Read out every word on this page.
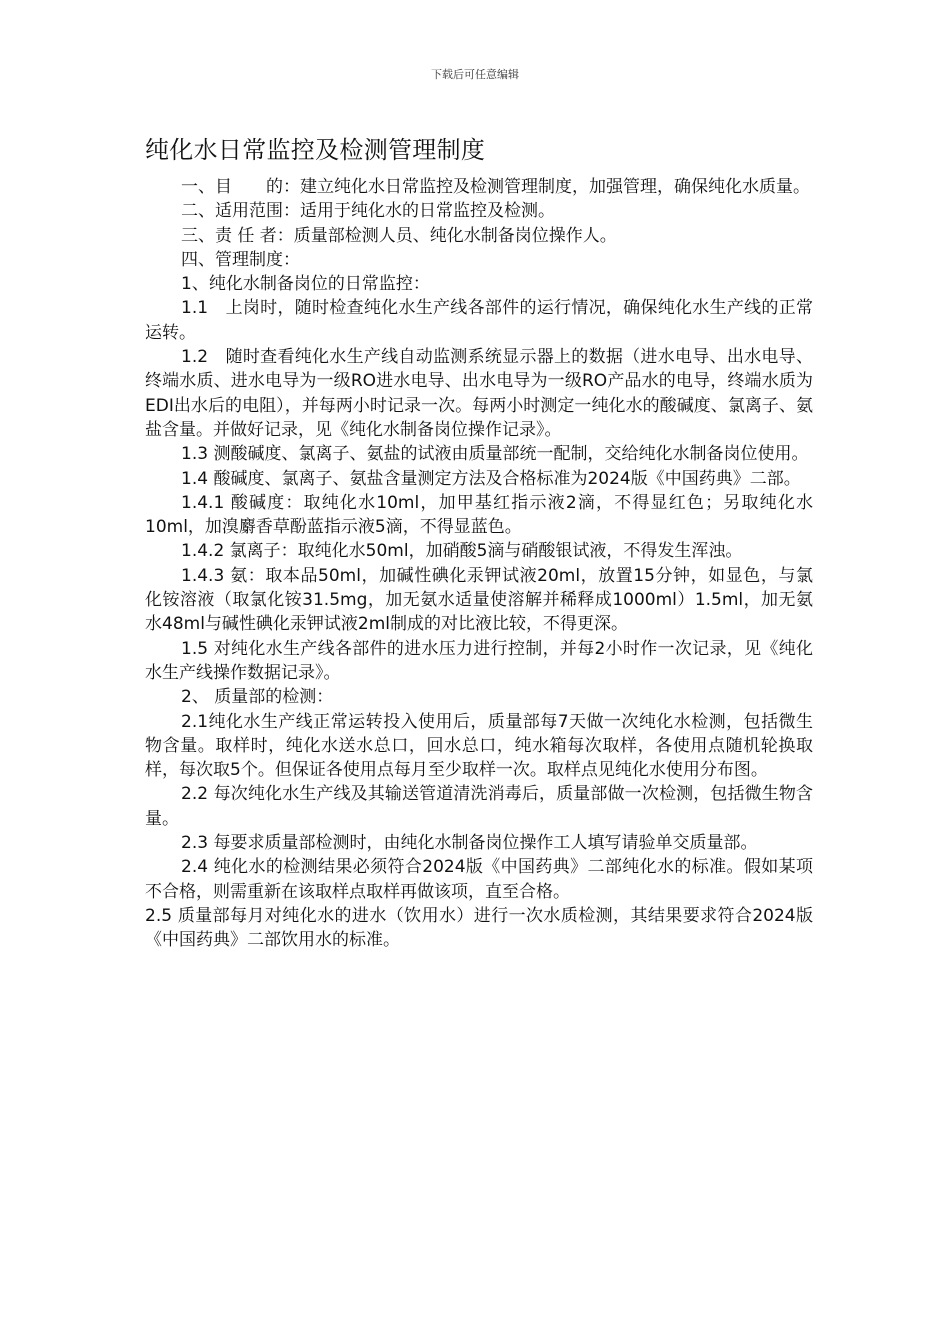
下载后可任意编辑
纯化水日常监控及检测管理制度

一、目　　的：建立纯化水日常监控及检测管理制度，加强管理，确保纯化水质量。

二、适用范围：适用于纯化水的日常监控及检测。

三、责 任 者：质量部检测人员、纯化水制备岗位操作人。

四、管理制度：

1、纯化水制备岗位的日常监控：

1.1　上岗时，随时检查纯化水生产线各部件的运行情况，确保纯化水生产线的正常运转。

1.2　随时查看纯化水生产线自动监测系统显示器上的数据（进水电导、出水电导、终端水质、进水电导为一级RO进水电导、出水电导为一级RO产品水的电导，终端水质为EDI出水后的电阻），并每两小时记录一次。每两小时测定一纯化水的酸碱度、氯离子、氨盐含量。并做好记录，见《纯化水制备岗位操作记录》。

1.3 测酸碱度、氯离子、氨盐的试液由质量部统一配制，交给纯化水制备岗位使用。

1.4 酸碱度、氯离子、氨盐含量测定方法及合格标准为2024版《中国药典》二部。

1.4.1 酸碱度：取纯化水10ml，加甲基红指示液2滴，不得显红色；另取纯化水10ml，加溴麝香草酚蓝指示液5滴，不得显蓝色。

1.4.2 氯离子：取纯化水50ml，加硝酸5滴与硝酸银试液，不得发生浑浊。

1.4.3 氨：取本品50ml，加碱性碘化汞钾试液20ml，放置15分钟，如显色，与氯化铵溶液（取氯化铵31.5mg，加无氨水适量使溶解并稀释成1000ml）1.5ml，加无氨水48ml与碱性碘化汞钾试液2ml制成的对比液比较，不得更深。

1.5 对纯化水生产线各部件的进水压力进行控制，并每2小时作一次记录，见《纯化水生产线操作数据记录》。

2、 质量部的检测：

2.1纯化水生产线正常运转投入使用后，质量部每7天做一次纯化水检测，包括微生物含量。取样时，纯化水送水总口，回水总口，纯水箱每次取样，各使用点随机轮换取样，每次取5个。但保证各使用点每月至少取样一次。取样点见纯化水使用分布图。

2.2 每次纯化水生产线及其输送管道清洗消毒后，质量部做一次检测，包括微生物含量。

2.3 每要求质量部检测时，由纯化水制备岗位操作工人填写请验单交质量部。

2.4 纯化水的检测结果必须符合2024版《中国药典》二部纯化水的标准。假如某项不合格，则需重新在该取样点取样再做该项，直至合格。

2.5 质量部每月对纯化水的进水（饮用水）进行一次水质检测，其结果要求符合2024版《中国药典》二部饮用水的标准。
